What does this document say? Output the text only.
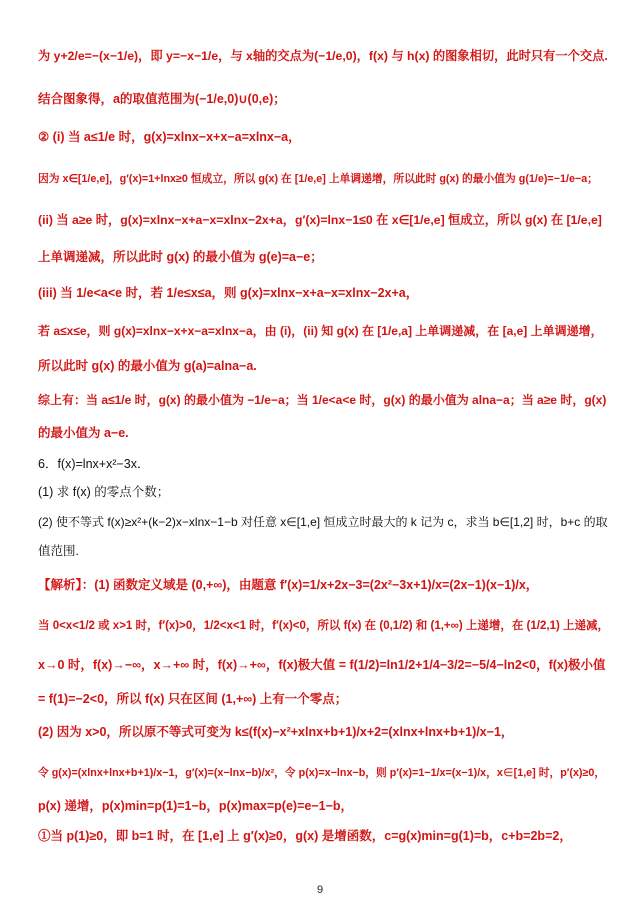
为 y+2/e=−(x−1/e)，即 y=−x−1/e，与 x轴的交点为(−1/e,0)，f(x) 与 h(x) 的图象相切，此时只有一个交点.
结合图象得，a的取值范围为(−1/e,0)∪(0,e)；
② (i) 当 a≤1/e 时，g(x)=xlnx−x+x−a=xlnx−a，
因为 x∈[1/e,e]，g′(x)=1+lnx≥0 恒成立，所以 g(x) 在 [1/e,e] 上单调递增，所以此时 g(x) 的最小值为 g(1/e)=−1/e−a；
(ii) 当 a≥e 时，g(x)=xlnx−x+a−x=xlnx−2x+a，g′(x)=lnx−1≤0 在 x∈[1/e,e] 恒成立，所以 g(x) 在 [1/e,e]
上单调递减，所以此时 g(x) 的最小值为 g(e)=a−e；
(iii) 当 1/e<a<e 时，若 1/e≤x≤a，则 g(x)=xlnx−x+a−x=xlnx−2x+a，
若 a≤x≤e，则 g(x)=xlnx−x+x−a=xlnx−a，由 (i)，(ii) 知 g(x) 在 [1/e,a] 上单调递减，在 [a,e] 上单调递增，
所以此时 g(x) 的最小值为 g(a)=alna−a.
综上有：当 a≤1/e 时，g(x) 的最小值为 −1/e−a；当 1/e<a<e 时，g(x) 的最小值为 alna−a；当 a≥e 时，g(x)
的最小值为 a−e.
6．f(x)=lnx+x²−3x．
(1) 求 f(x) 的零点个数；
(2) 使不等式 f(x)≥x²+(k−2)x−xlnx−1−b 对任意 x∈[1,e] 恒成立时最大的 k 记为 c，求当 b∈[1,2] 时，b+c 的取
值范围.
【解析】：(1) 函数定义域是 (0,+∞)，由题意 f′(x)=1/x+2x−3=(2x²−3x+1)/x=(2x−1)(x−1)/x，
当 0<x<1/2 或 x>1 时，f′(x)>0，1/2<x<1 时，f′(x)<0，所以 f(x) 在 (0,1/2) 和 (1,+∞) 上递增，在 (1/2,1) 上递减，
x→0 时，f(x)→−∞，x→+∞ 时，f(x)→+∞，f(x)极大值 = f(1/2)=ln1/2+1/4−3/2=−5/4−ln2<0，f(x)极小值
= f(1)=−2<0，所以 f(x) 只在区间 (1,+∞) 上有一个零点；
(2) 因为 x>0，所以原不等式可变为 k≤(f(x)−x²+xlnx+b+1)/x+2=(xlnx+lnx+b+1)/x−1，
令 g(x)=(xlnx+lnx+b+1)/x−1，g′(x)=(x−lnx−b)/x²，令 p(x)=x−lnx−b，则 p′(x)=1−1/x=(x−1)/x，x∈[1,e] 时，p′(x)≥0，
p(x) 递增，p(x)min=p(1)=1−b，p(x)max=p(e)=e−1−b，
①当 p(1)≥0，即 b=1 时，在 [1,e] 上 g′(x)≥0，g(x) 是增函数，c=g(x)min=g(1)=b，c+b=2b=2，
9
